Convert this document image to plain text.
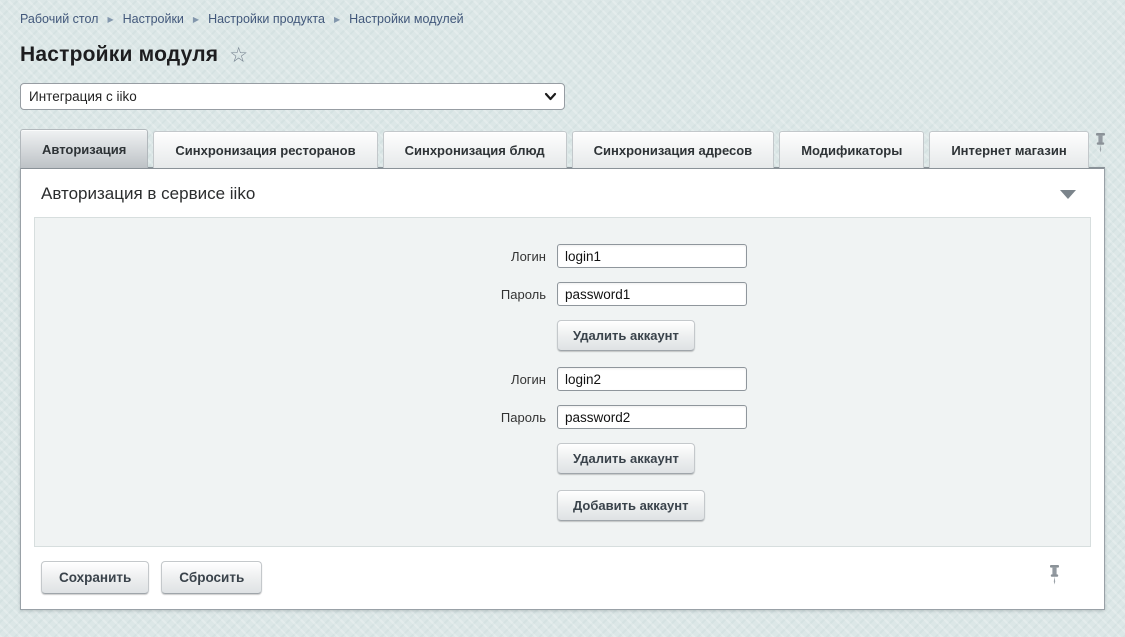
Рабочий стол ▶ Настройки ▶ Настройки продукта ▶ Настройки модулей
Настройки модуля ☆
Интеграция с iiko
Авторизация	Синхронизация ресторанов	Синхронизация блюд	Синхронизация адресов	Модификаторы	Интернет магазин
Авторизация в сервисе iiko
Логин
login1
Пароль
password1
Удалить аккаунт
Логин
login2
Пароль
password2
Удалить аккаунт
Добавить аккаунт
Сохранить	Сбросить
